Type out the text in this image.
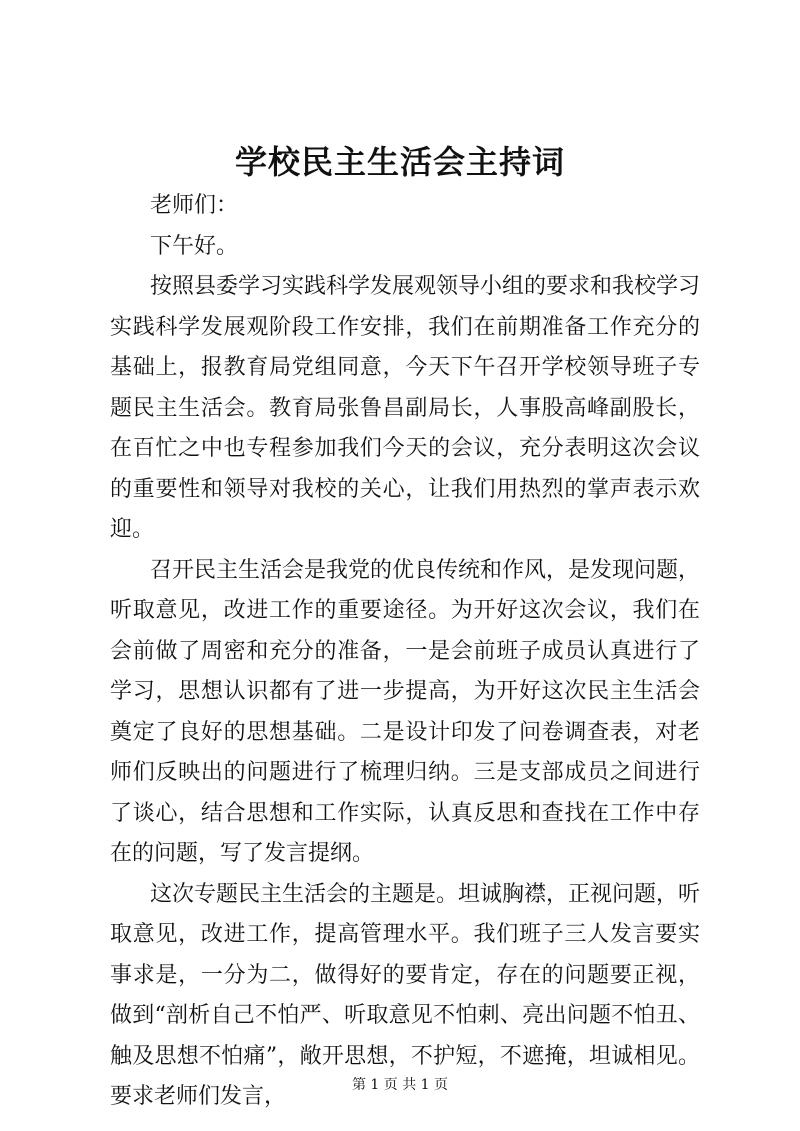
学校民主生活会主持词

老师们：

下午好。

按照县委学习实践科学发展观领导小组的要求和我校学习实践科学发展观阶段工作安排，我们在前期准备工作充分的基础上，报教育局党组同意，今天下午召开学校领导班子专题民主生活会。教育局张鲁昌副局长，人事股高峰副股长，在百忙之中也专程参加我们今天的会议，充分表明这次会议的重要性和领导对我校的关心，让我们用热烈的掌声表示欢迎。

召开民主生活会是我党的优良传统和作风，是发现问题，听取意见，改进工作的重要途径。为开好这次会议，我们在会前做了周密和充分的准备，一是会前班子成员认真进行了学习，思想认识都有了进一步提高，为开好这次民主生活会奠定了良好的思想基础。二是设计印发了问卷调查表，对老师们反映出的问题进行了梳理归纳。三是支部成员之间进行了谈心，结合思想和工作实际，认真反思和查找在工作中存在的问题，写了发言提纲。

这次专题民主生活会的主题是。坦诚胸襟，正视问题，听取意见，改进工作，提高管理水平。我们班子三人发言要实事求是，一分为二，做得好的要肯定，存在的问题要正视，做到“剖析自己不怕严、听取意见不怕刺、亮出问题不怕丑、触及思想不怕痛”，敞开思想，不护短，不遮掩，坦诚相见。要求老师们发言，	第 1 页 共 1 页
